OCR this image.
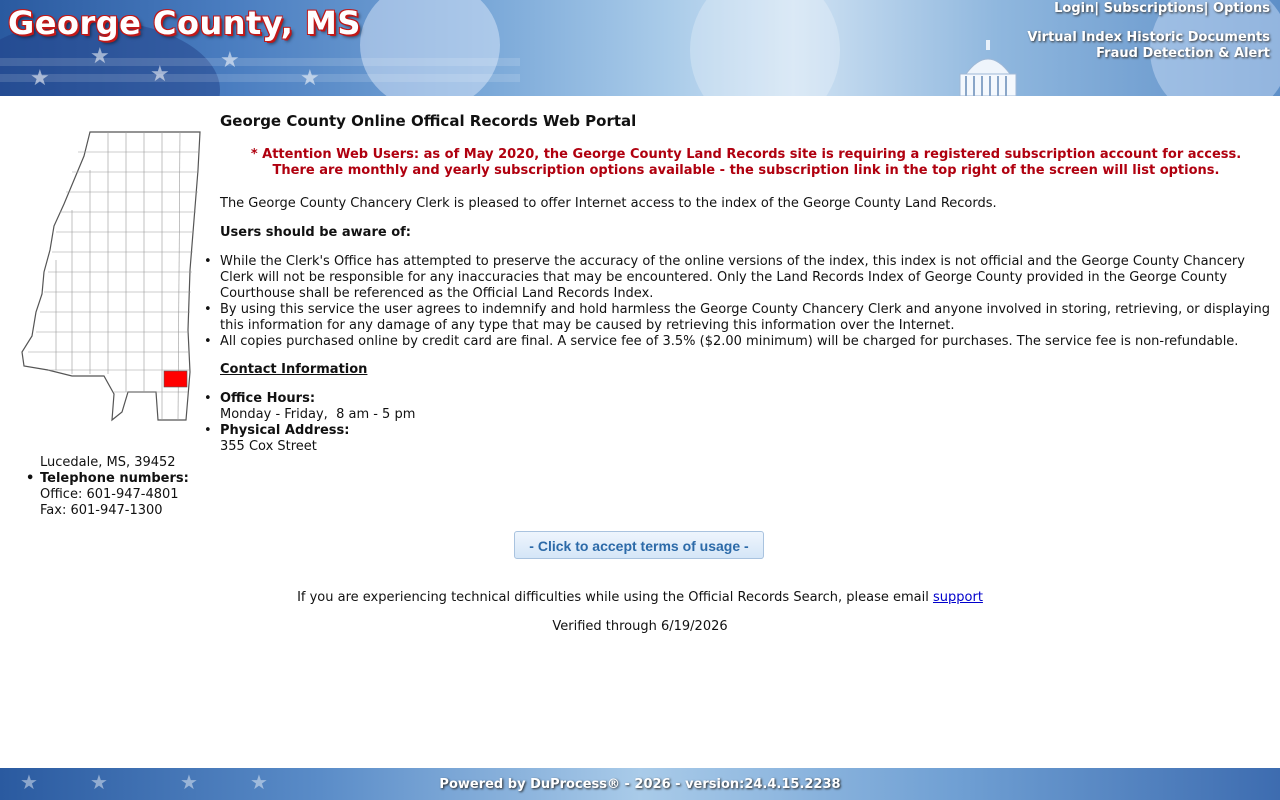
★
★
★
★	★
George County, MS	Login| Subscriptions| Options
Virtual Index Historic Documents
Fraud Detection & Alert
Lucedale, MS, 39452
• Telephone numbers:
Office: 601-947-4801
Fax: 601-947-1300
George County Online Offical Records Web Portal
* Attention Web Users: as of May 2020, the George County Land Records site is requiring a registered subscription account for access.
There are monthly and yearly subscription options available - the subscription link in the top right of the screen will list options.
The George County Chancery Clerk is pleased to offer Internet access to the index of the George County Land Records.
Users should be aware of:
• While the Clerk's Office has attempted to preserve the accuracy of the online versions of the index, this index is not official and the George County Chancery Clerk will not be responsible for any inaccuracies that may be encountered. Only the Land Records Index of George County provided in the George County Courthouse shall be referenced as the Official Land Records Index.
• By using this service the user agrees to indemnify and hold harmless the George County Chancery Clerk and anyone involved in storing, retrieving, or displaying this information for any damage of any type that may be caused by retrieving this information over the Internet.
• All copies purchased online by credit card are final. A service fee of 3.5% ($2.00 minimum) will be charged for purchases. The service fee is non-refundable.
Contact Information
• Office Hours:
Monday - Friday,  8 am - 5 pm
• Physical Address:
355 Cox Street
- Click to accept terms of usage -
If you are experiencing technical difficulties while using the Official Records Search, please email support
Verified through 6/19/2026
★	★	★	★	Powered by DuProcess® - 2026 - version:24.4.15.2238
